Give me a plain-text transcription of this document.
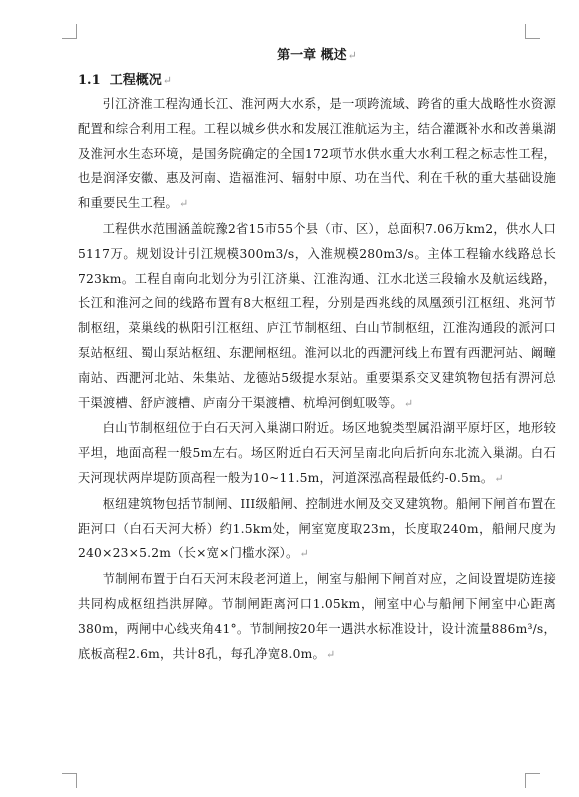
第一章 概述↵
1.1 工程概况↵

引江济淮工程沟通长江、淮河两大水系，是一项跨流域、跨省的重大战略性水资源配置和综合利用工程。工程以城乡供水和发展江淮航运为主，结合灌溉补水和改善巢湖及淮河水生态环境，是国务院确定的全国172项节水供水重大水利工程之标志性工程，也是润泽安徽、惠及河南、造福淮河、辐射中原、功在当代、利在千秋的重大基础设施和重要民生工程。↵

工程供水范围涵盖皖豫2省15市55个县（市、区），总面积7.06万km2，供水人口5117万。规划设计引江规模300m3/s，入淮规模280m3/s。主体工程输水线路总长723km。工程自南向北划分为引江济巢、江淮沟通、江水北送三段输水及航运线路，长江和淮河之间的线路布置有8大枢纽工程，分别是西兆线的凤凰颈引江枢纽、兆河节制枢纽，菜巢线的枞阳引江枢纽、庐江节制枢纽、白山节制枢纽，江淮沟通段的派河口泵站枢纽、蜀山泵站枢纽、东淝闸枢纽。淮河以北的西淝河线上布置有西淝河站、阚疃南站、西淝河北站、朱集站、龙德站5级提水泵站。重要渠系交叉建筑物包括有淠河总干渠渡槽、舒庐渡槽、庐南分干渠渡槽、杭埠河倒虹吸等。↵

白山节制枢纽位于白石天河入巢湖口附近。场区地貌类型属沿湖平原圩区，地形较平坦，地面高程一般5m左右。场区附近白石天河呈南北向后折向东北流入巢湖。白石天河现状两岸堤防顶高程一般为10~11.5m，河道深泓高程最低约-0.5m。↵

枢纽建筑物包括节制闸、III级船闸、控制进水闸及交叉建筑物。船闸下闸首布置在距河口（白石天河大桥）约1.5km处，闸室宽度取23m，长度取240m，船闸尺度为240×23×5.2m（长×宽×门槛水深）。↵

节制闸布置于白石天河末段老河道上，闸室与船闸下闸首对应，之间设置堤防连接共同构成枢纽挡洪屏障。节制闸距离河口1.05km，闸室中心与船闸下闸室中心距离380m，两闸中心线夹角41°。节制闸按20年一遇洪水标准设计，设计流量886m³/s，底板高程2.6m，共计8孔，每孔净宽8.0m。↵
